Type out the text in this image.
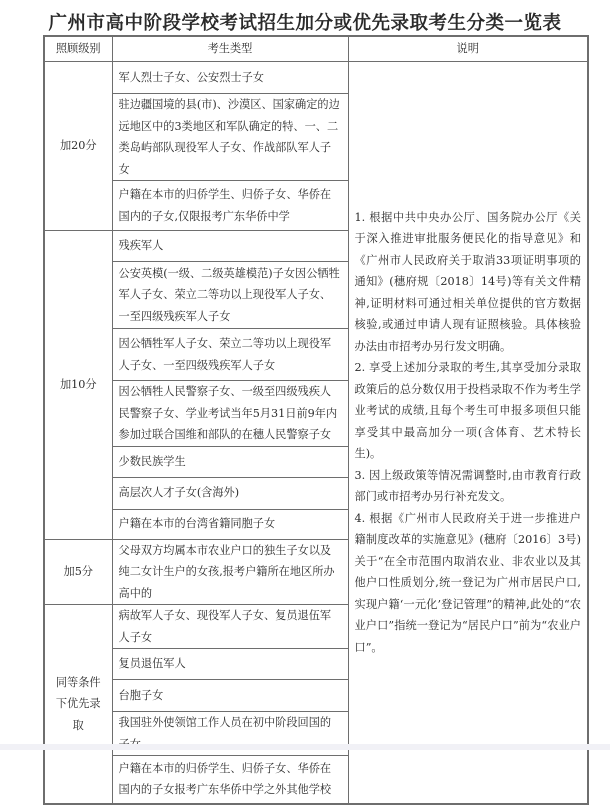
广州市高中阶段学校考试招生加分或优先录取考生分类一览表
照顾级别	考生类型	说明
加20分	军人烈士子女、公安烈士子女	1. 根据中共中央办公厅、国务院办公厅《关于深入推进审批服务便民化的指导意见》和《广州市人民政府关于取消33项证明事项的通知》(穗府规〔2018〕14号)等有关文件精神,证明材料可通过相关单位提供的官方数据核验,或通过申请人现有证照核验。具体核验办法由市招考办另行发文明确。

2. 享受上述加分录取的考生,其享受加分录取政策后的总分数仅用于投档录取不作为考生学业考试的成绩,且每个考生可申报多项但只能享受其中最高加分一项(含体育、艺术特长生)。

3. 因上级政策等情况需调整时,由市教育行政部门或市招考办另行补充发文。

4. 根据《广州市人民政府关于进一步推进户籍制度改革的实施意见》(穗府〔2016〕3号)关于“在全市范围内取消农业、非农业以及其他户口性质划分,统一登记为广州市居民户口,实现户籍‘一元化’登记管理”的精神,此处的“农业户口”指统一登记为“居民户口”前为“农业户口”。

	驻边疆国境的县(市)、沙漠区、国家确定的边远地区中的3类地区和军队确定的特、一、二类岛屿部队现役军人子女、作战部队军人子女	
	户籍在本市的归侨学生、归侨子女、华侨在国内的子女,仅限报考广东华侨中学	
加10分	残疾军人	
	公安英模(一级、二级英雄模范)子女因公牺牲军人子女、荣立二等功以上现役军人子女、一至四级残疾军人子女	
	因公牺牲军人子女、荣立二等功以上现役军人子女、一至四级残疾军人子女	
	因公牺牲人民警察子女、一级至四级残疾人民警察子女、学业考试当年5月31日前9年内参加过联合国维和部队的在穗人民警察子女	
	少数民族学生	
	高层次人才子女(含海外)	
	户籍在本市的台湾省籍同胞子女	
加5分	父母双方均属本市农业户口的独生子女以及纯二女计生户的女孩,报考户籍所在地区所办高中的	
同等条件下优先录取	病故军人子女、现役军人子女、复员退伍军人子女	
	复员退伍军人	
	台胞子女	
	我国驻外使领馆工作人员在初中阶段回国的	
	户籍在本市的归侨学生、归侨子女、华侨在国内的子女报考广东华侨中学之外其他学校	
